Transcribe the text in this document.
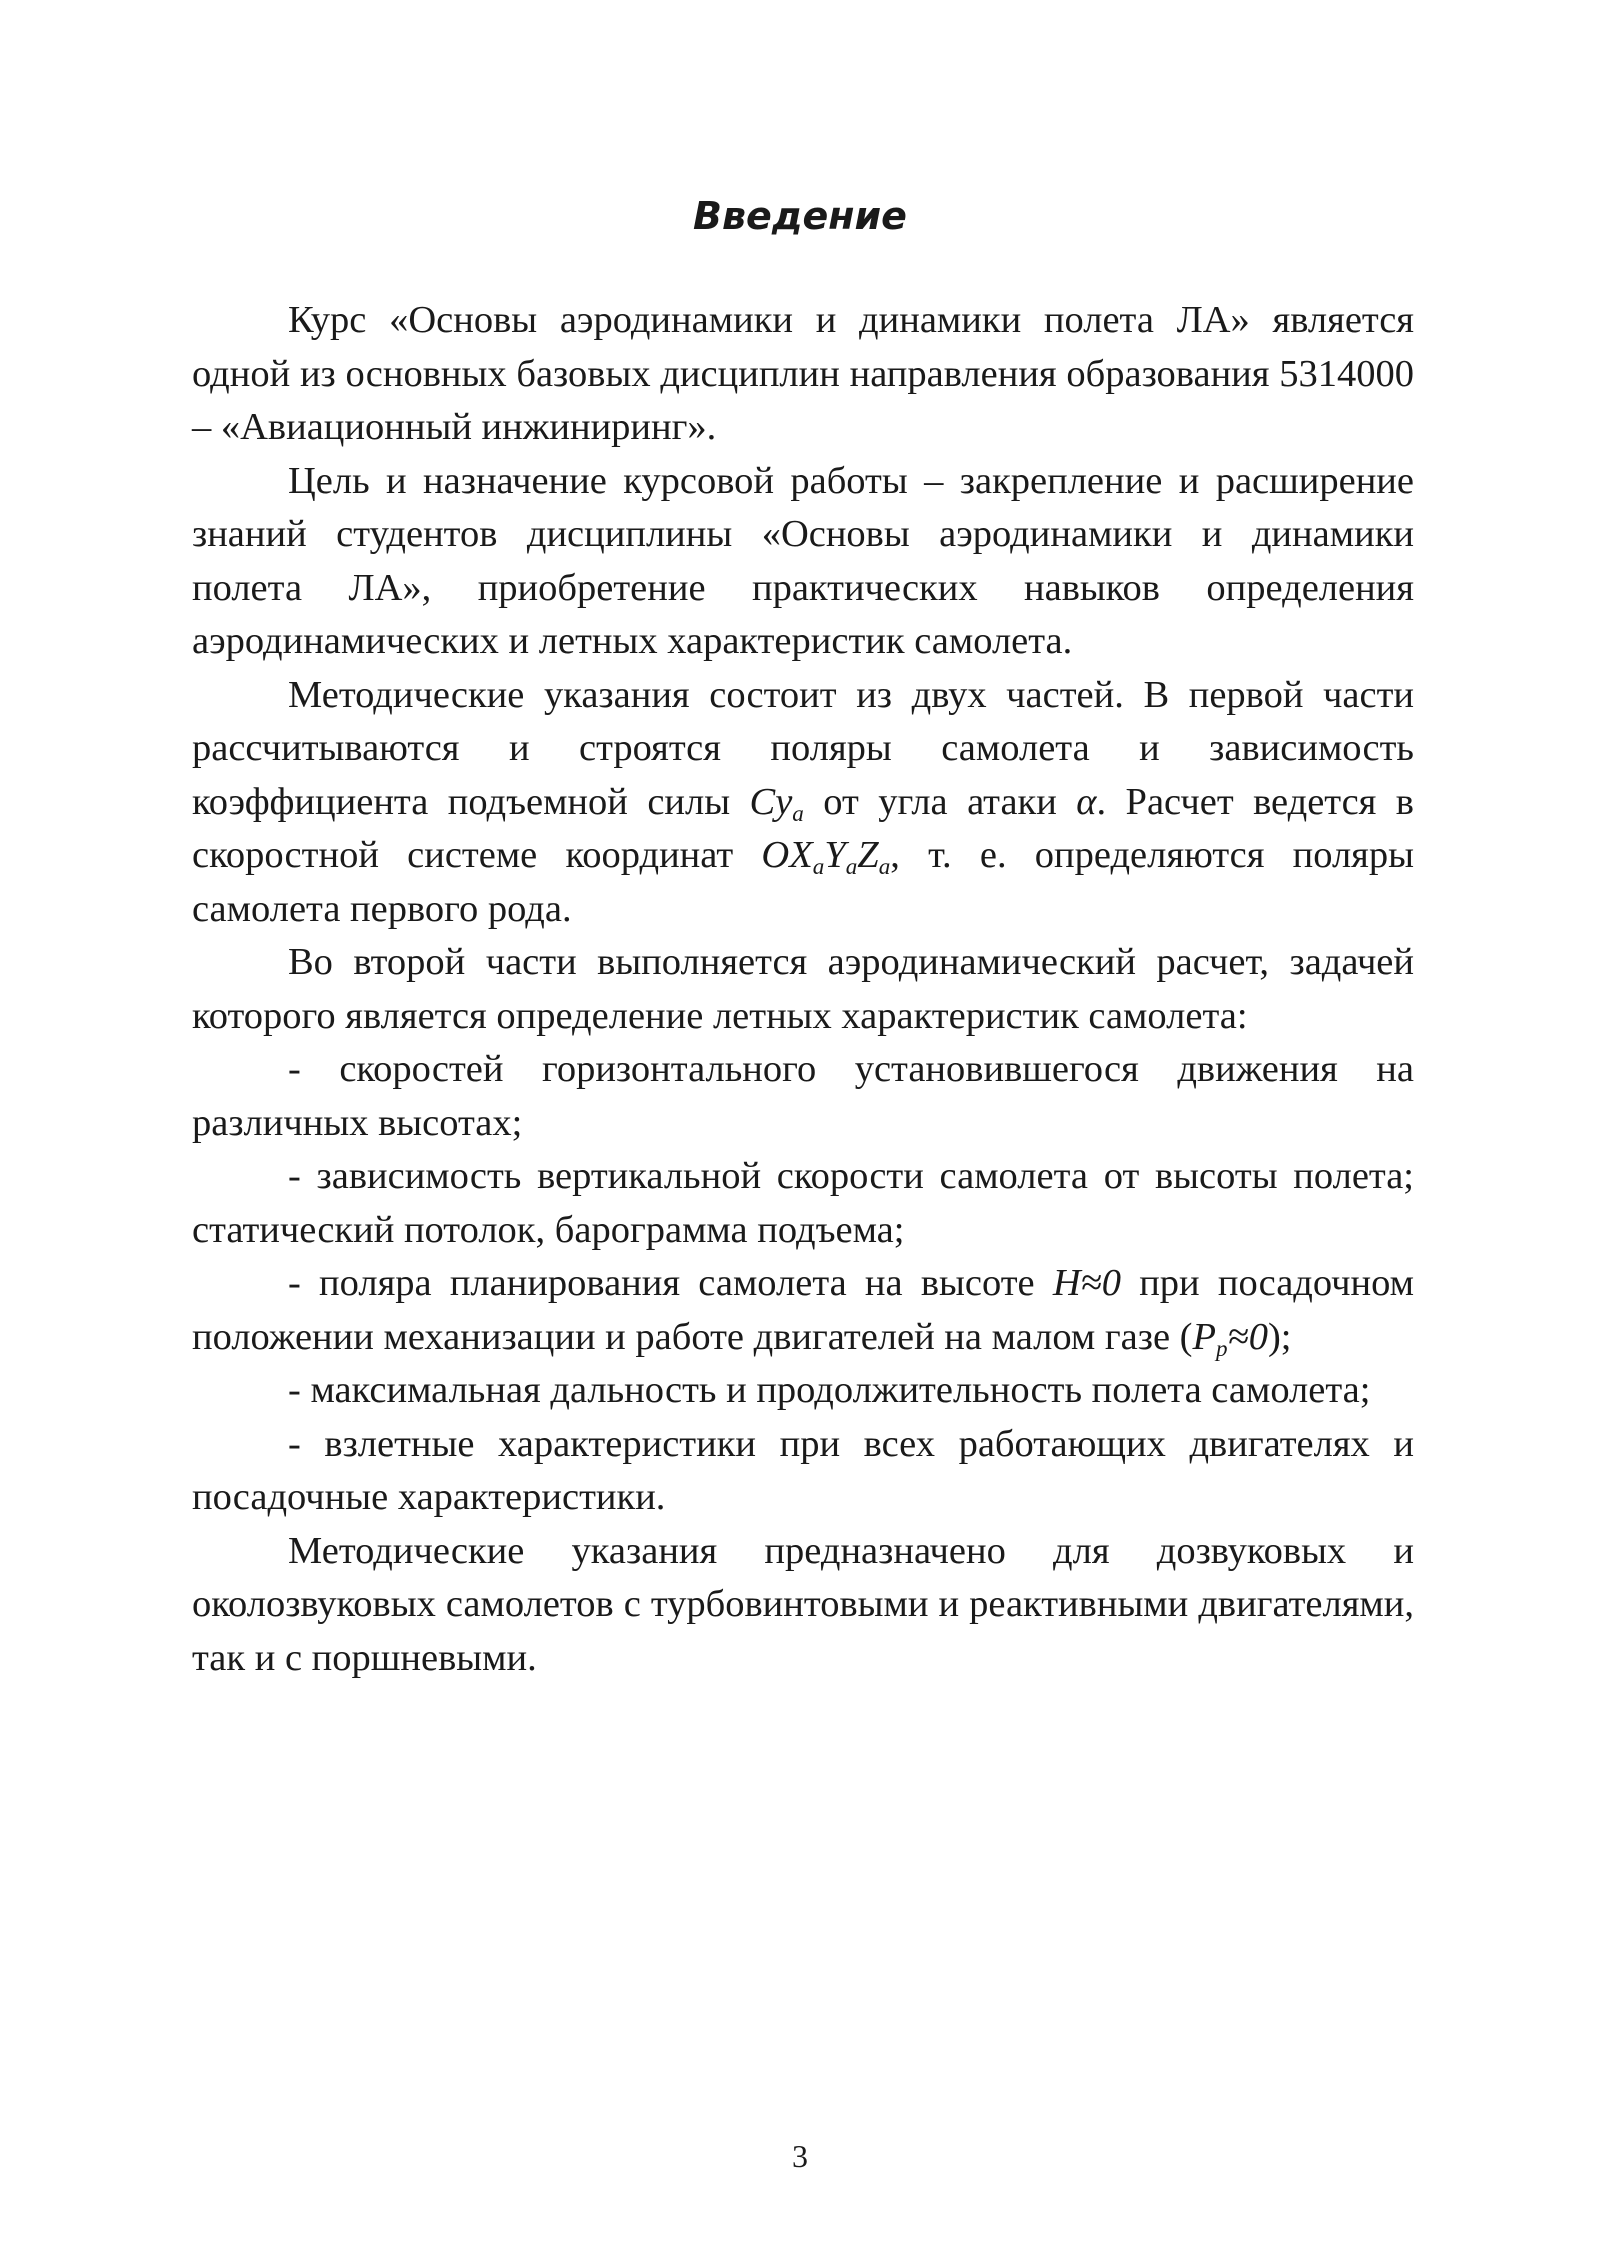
Введение

Курс «Основы аэродинамики и динамики полета ЛА» является одной из основных базовых дисциплин направления образования 5314000 – «Авиационный инжиниринг».

Цель и назначение курсовой работы – закрепление и расширение знаний студентов дисциплины «Основы аэродинамики и динамики полета ЛА», приобретение практических навыков определения аэродинамических и летных характеристик самолета.

Методические указания состоит из двух частей. В первой части рассчитываются и строятся поляры самолета и зависимость коэффициента подъемной силы $Cy_a$ от угла атаки α. Расчет ведется в скоростной системе координат $OX_aY_aZ_a$, т. е. определяются поляры самолета первого рода.

Во второй части выполняется аэродинамический расчет, задачей которого является определение летных характеристик самолета:

- скоростей горизонтального установившегося движения на различных высотах;

- зависимость вертикальной скорости самолета от высоты полета; статический потолок, барограмма подъема;

- поляра планирования самолета на высоте H≈0 при посадочном положении механизации и работе двигателей на малом газе $(P_p\approx 0)$;

- максимальная дальность и продолжительность полета самолета;

- взлетные характеристики при всех работающих двигателях и посадочные характеристики.

Методические указания предназначено для дозвуковых и околозвуковых самолетов с турбовинтовыми и реактивными двигателями, так и с поршневыми.

3
